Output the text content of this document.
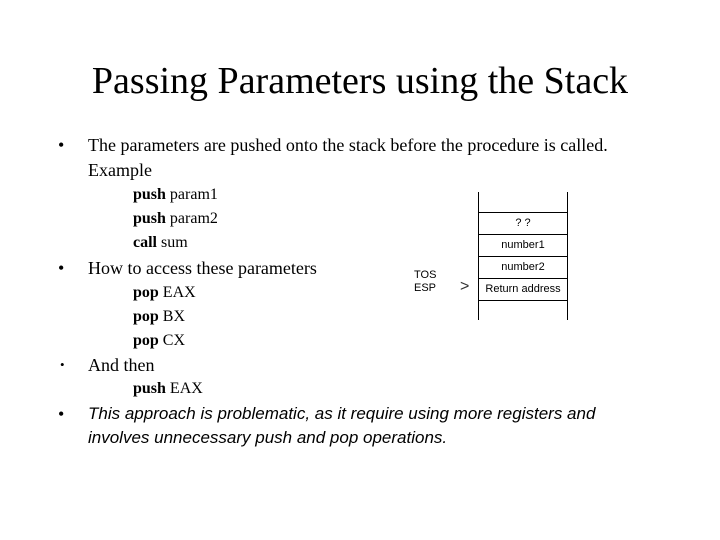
Passing Parameters using the Stack
• The parameters are pushed onto the stack before the procedure is called.
Example
push param1
push param2
call sum
• How to access these parameters
pop EAX
pop BX
pop CX
• And then
push EAX
• This approach is problematic, as it require using more registers and
involves unnecessary push and pop operations.
? ?
number1
number2
Return address
TOS
ESP >
